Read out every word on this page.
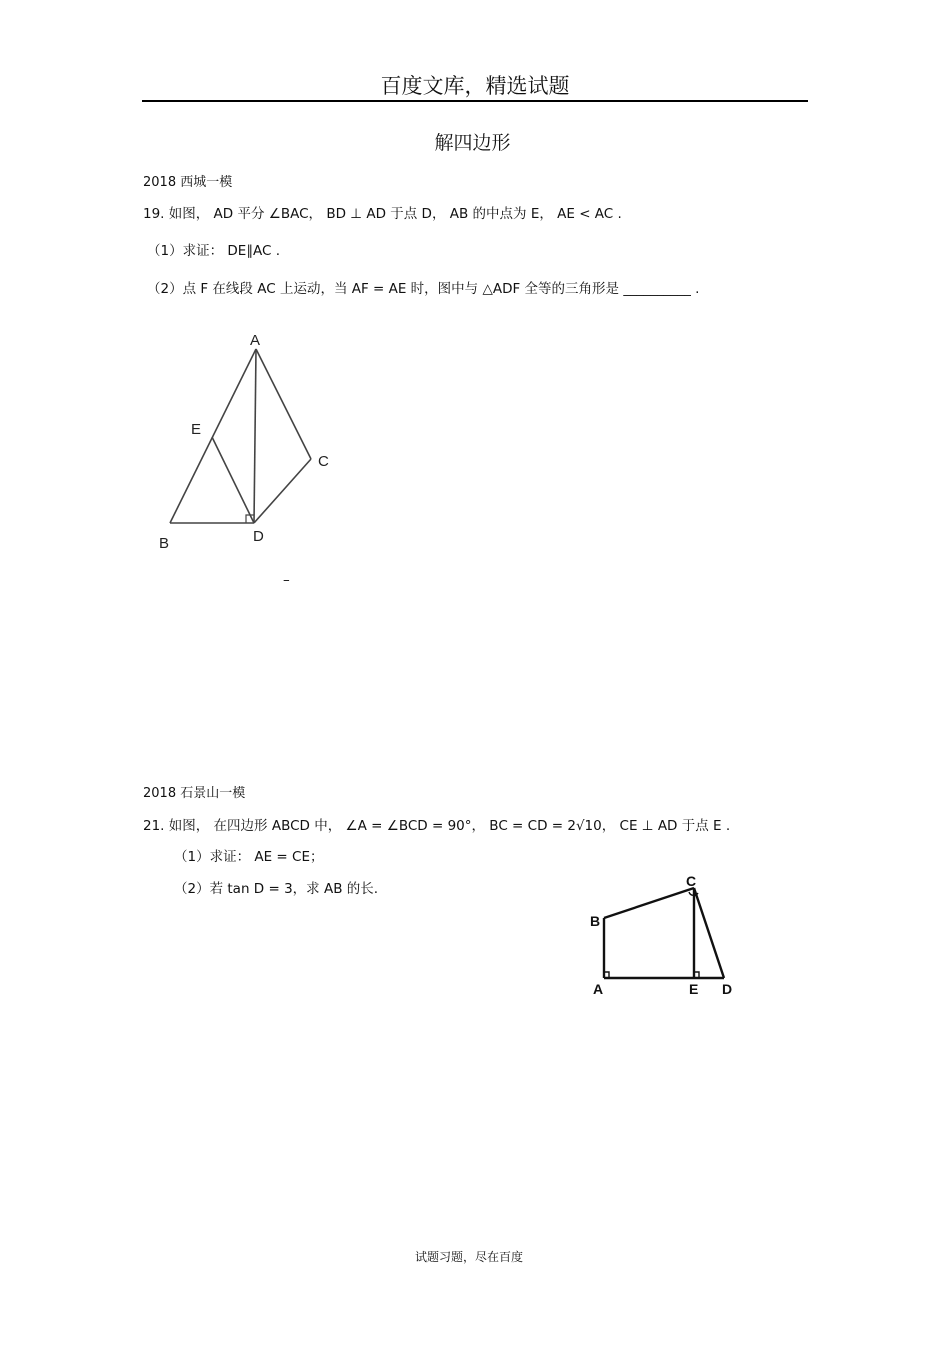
百度文库，精选试题
解四边形
2018 西城一模
19. 如图， AD 平分 ∠BAC， BD ⊥ AD 于点 D， AB 的中点为 E， AE < AC .
（1）求证： DE∥AC .
（2）点 F 在线段 AC 上运动，当 AF = AE 时，图中与 △ADF 全等的三角形是 __________ .
A
E
C
B	D
–
2018 石景山一模
21. 如图， 在四边形 ABCD 中， ∠A = ∠BCD = 90°， BC = CD = 2√10， CE ⊥ AD 于点 E .
（1）求证： AE = CE；
（2）若 tan D = 3，求 AB 的长.	C
B
A	E D
试题习题，尽在百度
